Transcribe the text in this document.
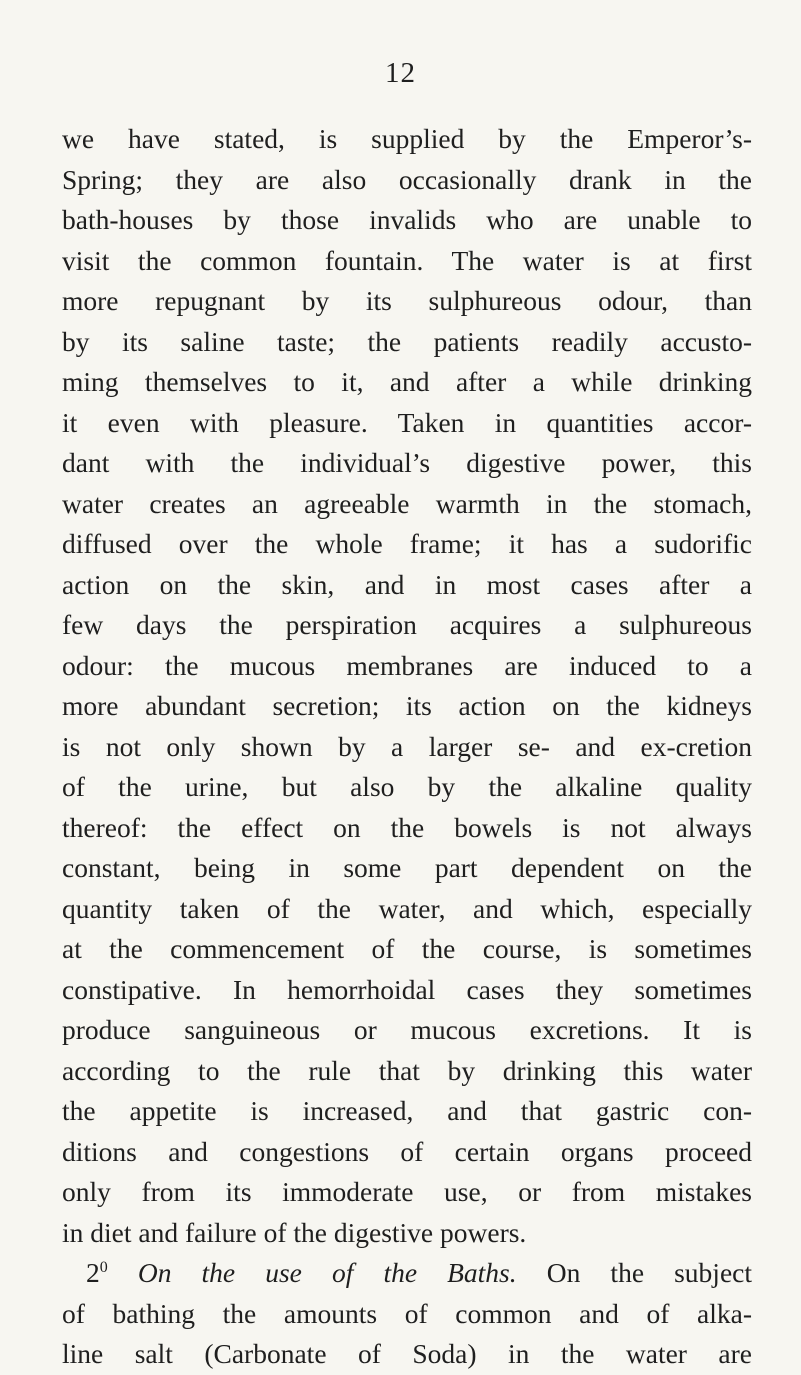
12
we have stated, is supplied by the Emperor’s-
Spring; they are also occasionally drank in the
bath-houses by those invalids who are unable to
visit the common fountain. The water is at first
more repugnant by its sulphureous odour, than
by its saline taste; the patients readily accusto-
ming themselves to it, and after a while drinking
it even with pleasure. Taken in quantities accor-
dant with the individual’s digestive power, this
water creates an agreeable warmth in the stomach,
diffused over the whole frame; it has a sudorific
action on the skin, and in most cases after a
few days the perspiration acquires a sulphureous
odour: the mucous membranes are induced to a
more abundant secretion; its action on the kidneys
is not only shown by a larger se- and ex-cretion
of the urine, but also by the alkaline quality
thereof: the effect on the bowels is not always
constant, being in some part dependent on the
quantity taken of the water, and which, especially
at the commencement of the course, is sometimes
constipative. In hemorrhoidal cases they sometimes
produce sanguineous or mucous excretions. It is
according to the rule that by drinking this water
the appetite is increased, and that gastric con-
ditions and congestions of certain organs proceed
only from its immoderate use, or from mistakes
in diet and failure of the digestive powers.
$2^0$ On the use of the Baths. On the subject
of bathing the amounts of common and of alka-
line salt (Carbonate of Soda) in the water are
